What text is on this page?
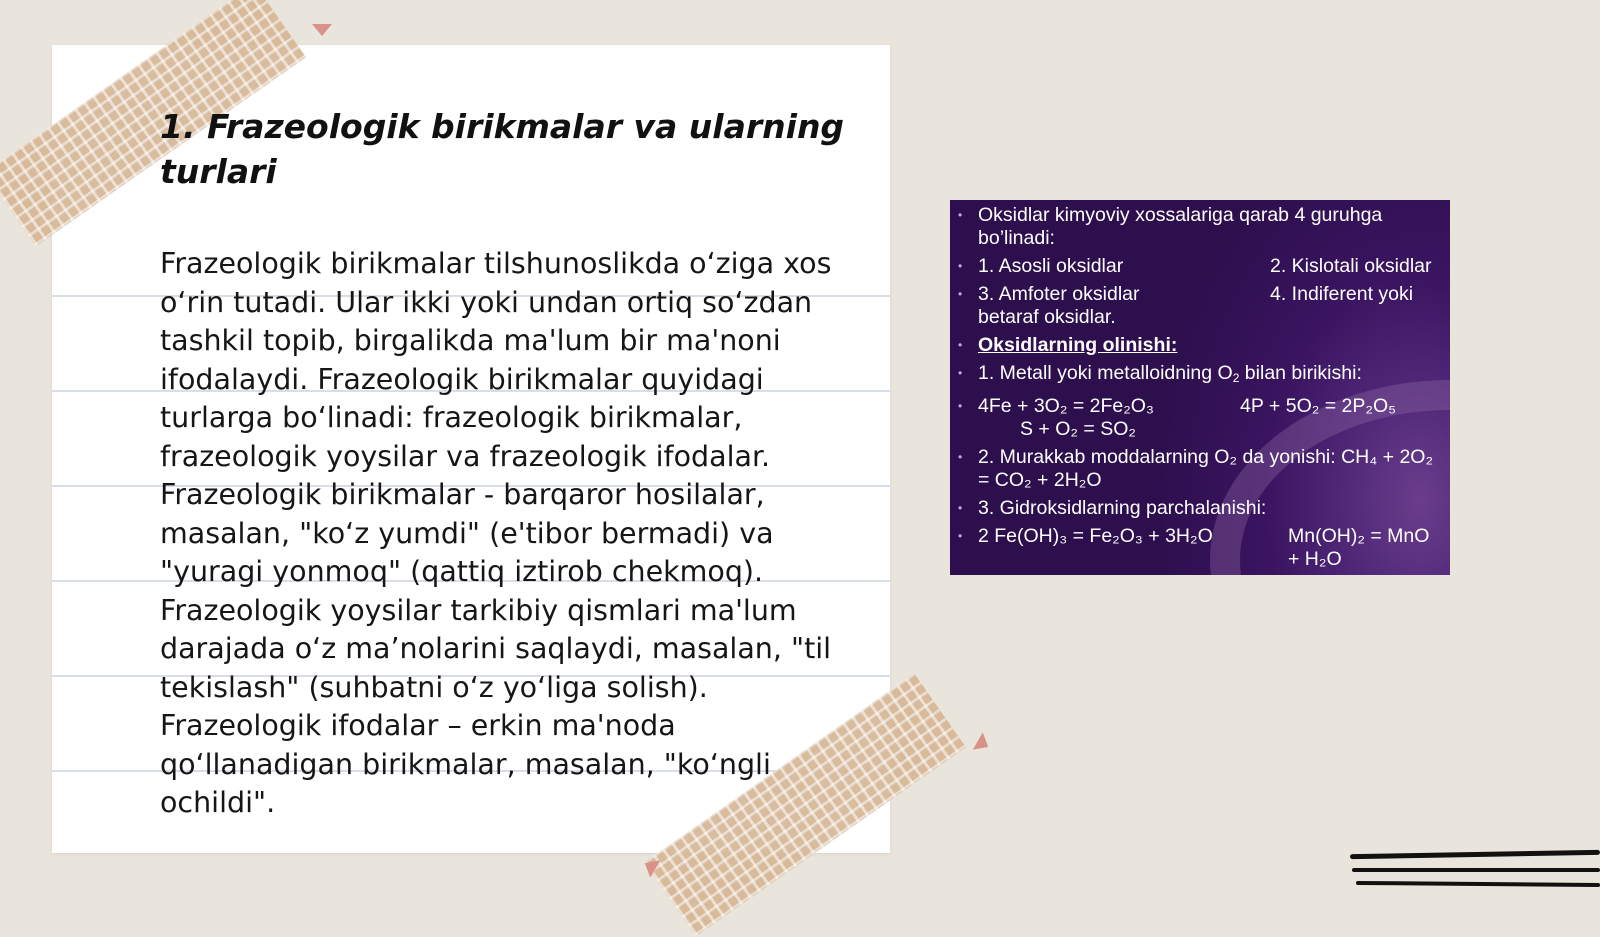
1. Frazeologik birikmalar va ularning turlari

Frazeologik birikmalar tilshunoslikda o‘ziga xos o‘rin tutadi. Ular ikki yoki undan ortiq so‘zdan tashkil topib, birgalikda ma'lum bir ma'noni ifodalaydi. Frazeologik birikmalar quyidagi turlarga bo‘linadi: frazeologik birikmalar, frazeologik yoysilar va frazeologik ifodalar. Frazeologik birikmalar - barqaror hosilalar, masalan, "ko‘z yumdi" (e'tibor bermadi) va "yuragi yonmoq" (qattiq iztirob chekmoq). Frazeologik yoysilar tarkibiy qismlari ma'lum darajada o‘z ma’nolarini saqlaydi, masalan, "til tekislash" (suhbatni o‘z yo‘liga solish). Frazeologik ifodalar – erkin ma'noda qo‘llanadigan birikmalar, masalan, "ko‘ngli ochildi".

• Oksidlar kimyoviy xossalariga qarab 4 guruhga bo’linadi:
• 1. Asosli oksidlar	2. Kislotali oksidlar
• 3. Amfoter oksidlar	4. Indiferent yoki

betaraf oksidlar.
• Oksidlarning olinishi:
• 1. Metall yoki metalloidning $O_2$ bilan birikishi:
• 4Fe + 3O₂ = 2Fe₂O₃	4P + 5O₂ = 2P₂O₅

S + O₂ = SO₂
• 2. Murakkab moddalarning O₂ da yonishi: CH₄ + 2O₂ = CO₂ + 2H₂O
• 3. Gidroksidlarning parchalanishi:
• 2 Fe(OH)₃ = Fe₂O₃ + 3H₂O	Mn(OH)₂ = MnO + H₂O
